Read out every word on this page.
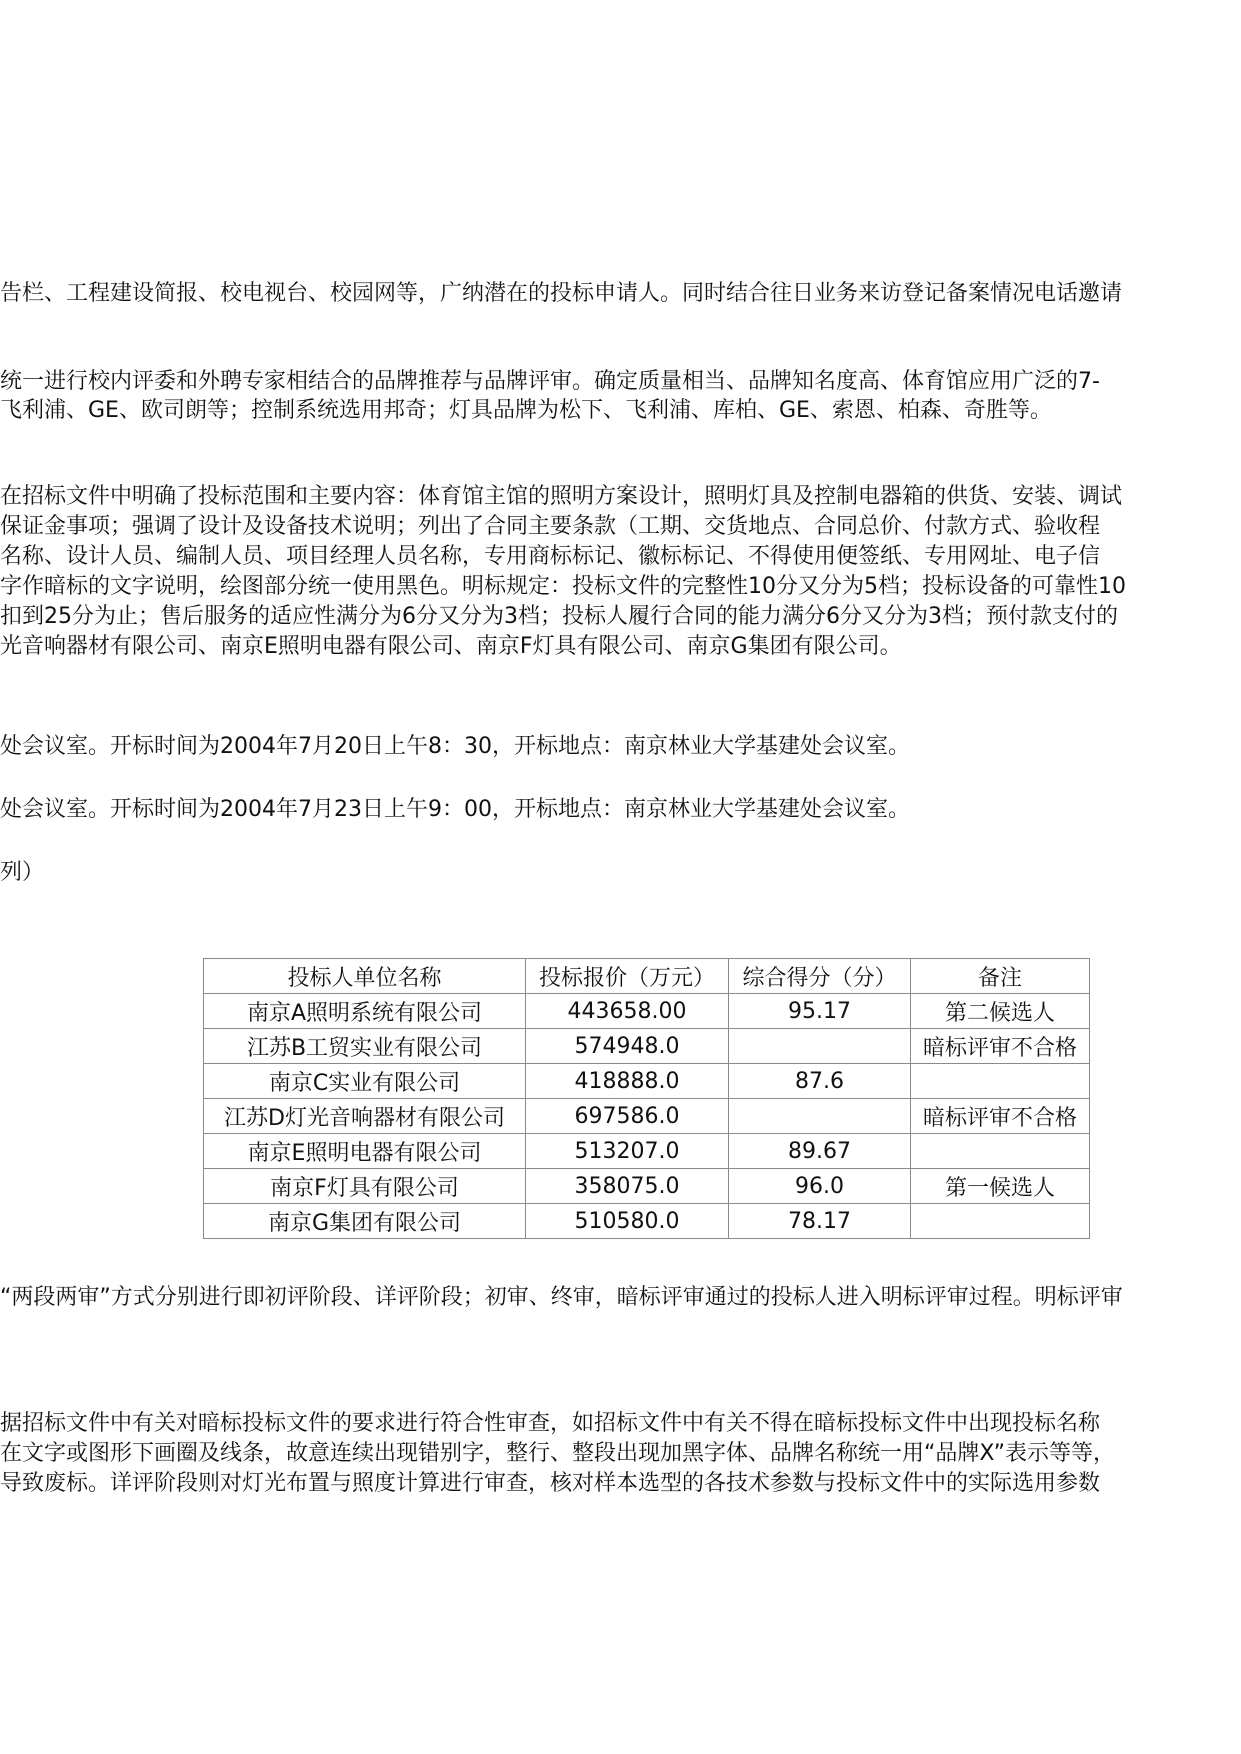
告栏、工程建设简报、校电视台、校园网等，广纳潜在的投标申请人。同时结合往日业务来访登记备案情况电话邀请
统一进行校内评委和外聘专家相结合的品牌推荐与品牌评审。确定质量相当、品牌知名度高、体育馆应用广泛的7-
飞利浦、GE、欧司朗等；控制系统选用邦奇；灯具品牌为松下、飞利浦、库柏、GE、索恩、柏森、奇胜等。
在招标文件中明确了投标范围和主要内容：体育馆主馆的照明方案设计，照明灯具及控制电器箱的供货、安装、调试
保证金事项；强调了设计及设备技术说明；列出了合同主要条款（工期、交货地点、合同总价、付款方式、验收程
名称、设计人员、编制人员、项目经理人员名称，专用商标标记、徽标标记、不得使用便签纸、专用网址、电子信
字作暗标的文字说明，绘图部分统一使用黑色。明标规定：投标文件的完整性10分又分为5档；投标设备的可靠性10
扣到25分为止；售后服务的适应性满分为6分又分为3档；投标人履行合同的能力满分6分又分为3档；预付款支付的
光音响器材有限公司、南京E照明电器有限公司、南京F灯具有限公司、南京G集团有限公司。
处会议室。开标时间为2004年7月20日上午8：30，开标地点：南京林业大学基建处会议室。
处会议室。开标时间为2004年7月23日上午9：00，开标地点：南京林业大学基建处会议室。
列）
投标人单位名称	投标报价（万元）	综合得分（分）	备注
南京A照明系统有限公司	443658.00	95.17	第二候选人
江苏B工贸实业有限公司	574948.0		暗标评审不合格
南京C实业有限公司	418888.0	87.6	
江苏D灯光音响器材有限公司	697586.0		暗标评审不合格
南京E照明电器有限公司	513207.0	89.67	
南京F灯具有限公司	358075.0	96.0	第一候选人
南京G集团有限公司	510580.0	78.17	
“两段两审”方式分别进行即初评阶段、详评阶段；初审、终审，暗标评审通过的投标人进入明标评审过程。明标评审
据招标文件中有关对暗标投标文件的要求进行符合性审查，如招标文件中有关不得在暗标投标文件中出现投标名称
在文字或图形下画圈及线条，故意连续出现错别字，整行、整段出现加黑字体、品牌名称统一用“品牌X”表示等等，
导致废标。详评阶段则对灯光布置与照度计算进行审查，核对样本选型的各技术参数与投标文件中的实际选用参数
